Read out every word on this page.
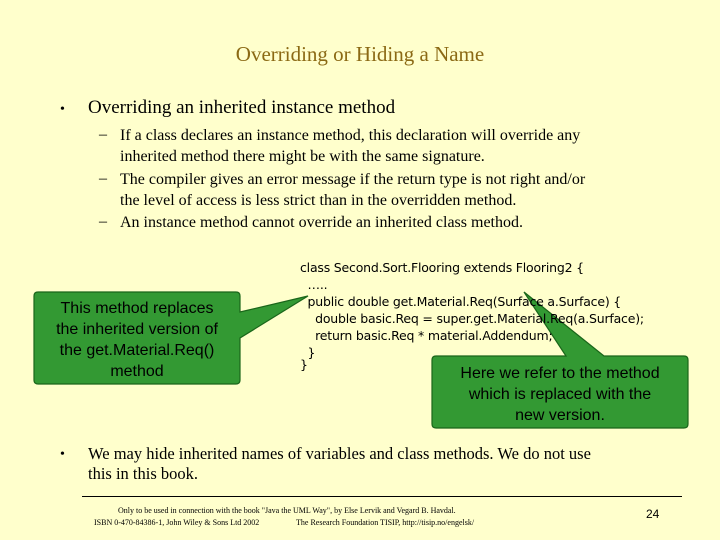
Overriding or Hiding a Name
• Overriding an inherited instance method
– If a class declares an instance method, this declaration will override any
inherited method there might be with the same signature.
– The compiler gives an error message if the return type is not right and/or
the level of access is less strict than in the overridden method.
– An instance method cannot override an inherited class method.
class Second.Sort.Flooring extends Flooring2 {
…..
public double get.Material.Req(Surface a.Surface) {
double basic.Req = super.get.Material.Req(a.Surface);
return basic.Req * material.Addendum;
}
}
This method replaces
the inherited version of
the get.Material.Req()
method	Here we refer to the method
which is replaced with the
new version.
• We may hide inherited names of variables and class methods. We do not use
this in this book.
Only to be used in connection with the book "Java the UML Way", by Else Lervik and Vegard B. Havdal.
ISBN 0-470-84386-1, John Wiley & Sons Ltd 2002	The Research Foundation TISIP, http://tisip.no/engelsk/
24
